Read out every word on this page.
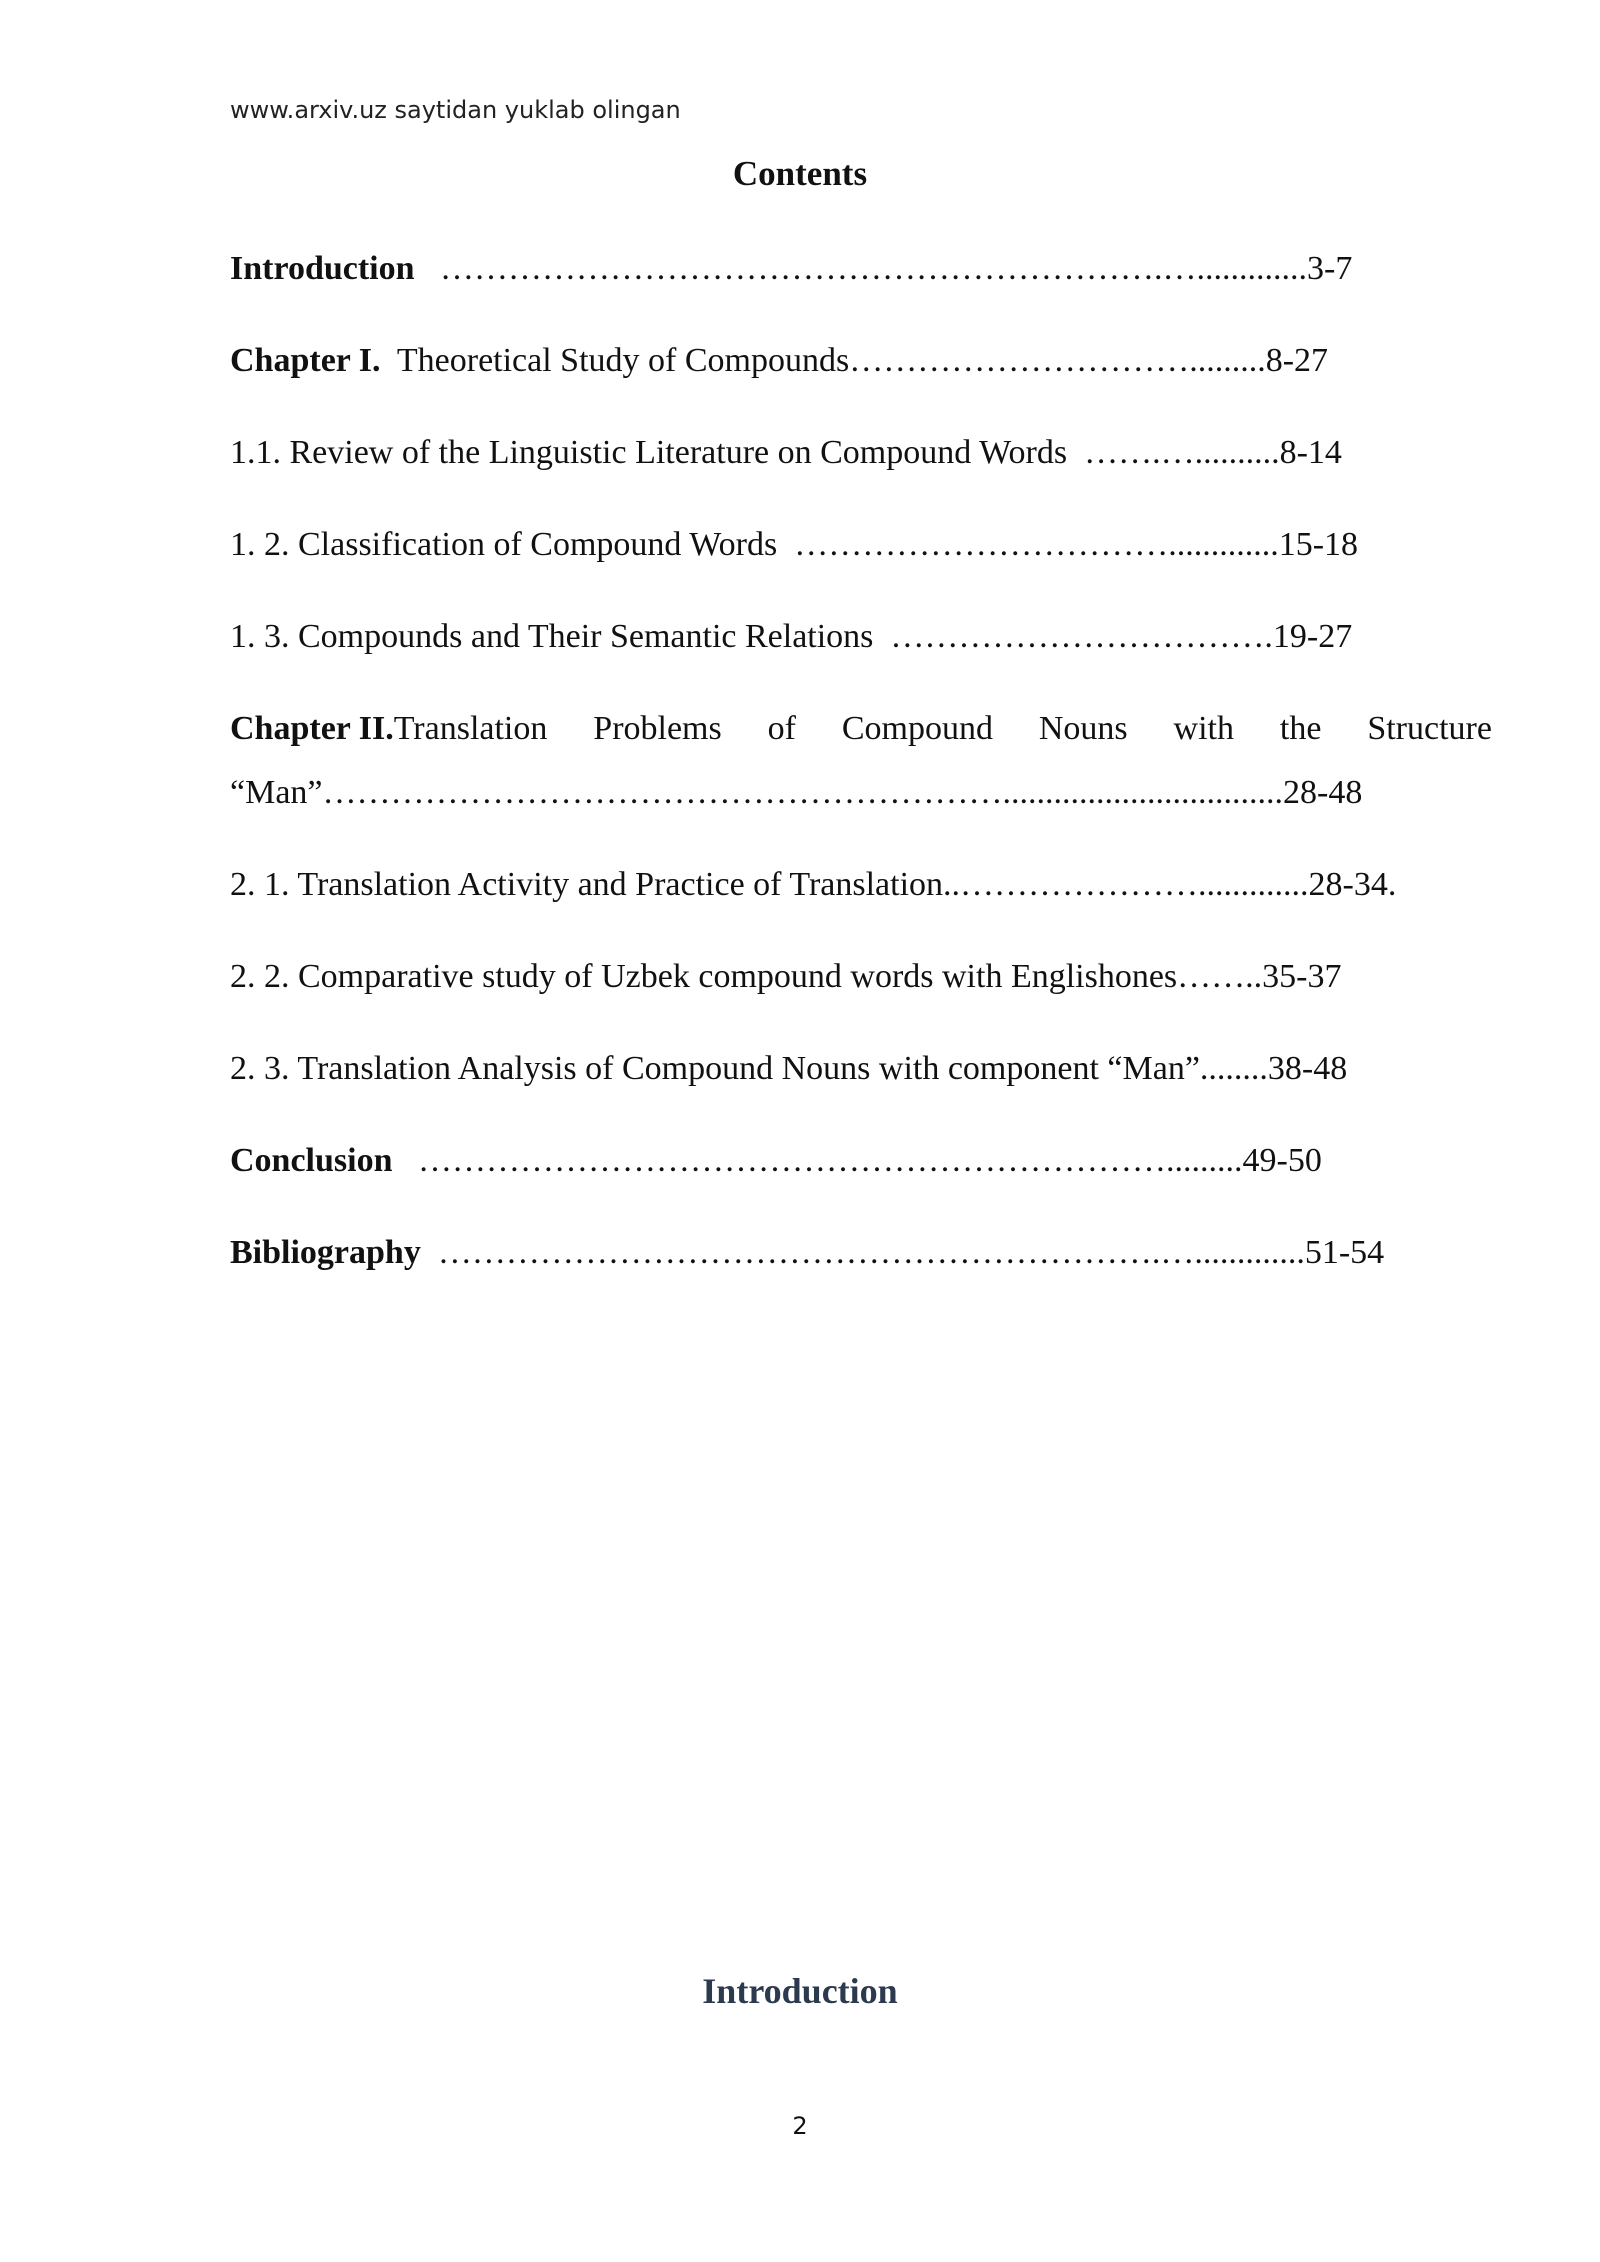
www.arxiv.uz saytidan yuklab olingan
Contents
Introduction ……………………………………………………….….............3-7
Chapter I. Theoretical Study of Compounds………………………….........8-27
1.1. Review of the Linguistic Literature on Compound Words …….…..........8-14
1. 2. Classification of Compound Words …………………………….............15-18
1. 3. Compounds and Their Semantic Relations …………………………….19-27
Chapter II.Translation Problems of Compound Nouns with the Structure
“Man”…………………………………………………….................................28-48
2. 1. Translation Activity and Practice of Translation..………………….............28-34.
2. 2. Comparative study of Uzbek compound words with Englishones……..35-37
2. 3. Translation Analysis of Compound Nouns with component “Man”........38-48
Conclusion ………………………………………………………….........49-50
Bibliography ……………………………………………………….….............51-54
Introduction
2
